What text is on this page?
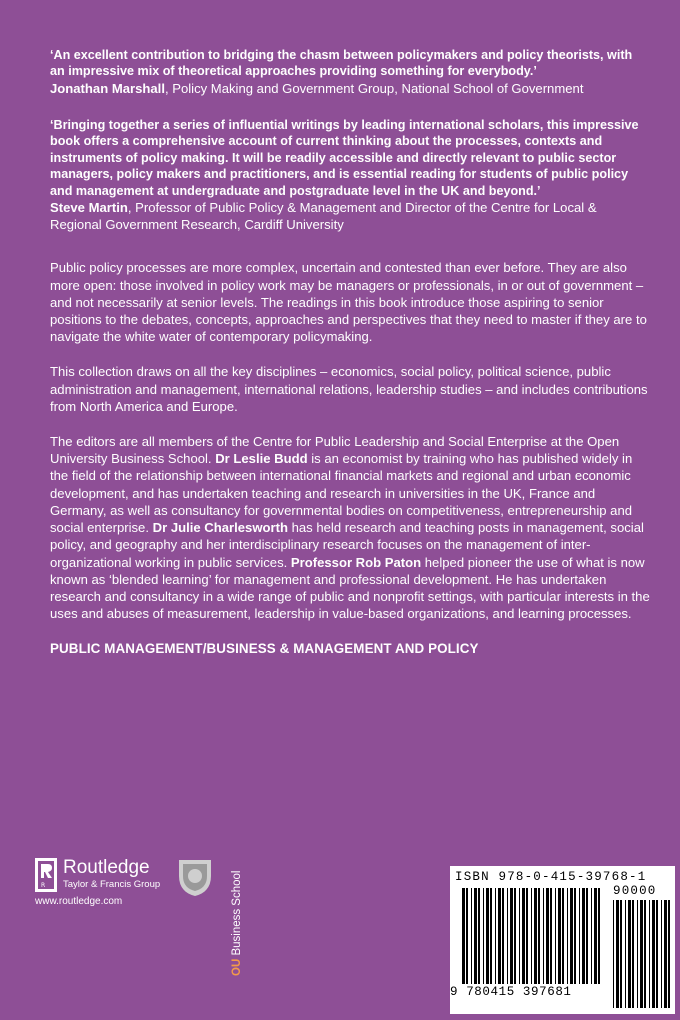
‘An excellent contribution to bridging the chasm between policymakers and policy theorists, with an impressive mix of theoretical approaches providing something for everybody.’

Jonathan Marshall, Policy Making and Government Group, National School of Government

‘Bringing together a series of influential writings by leading international scholars, this impressive book offers a comprehensive account of current thinking about the processes, contexts and instruments of policy making. It will be readily accessible and directly relevant to public sector managers, policy makers and practitioners, and is essential reading for students of public policy and management at undergraduate and postgraduate level in the UK and beyond.’

Steve Martin, Professor of Public Policy & Management and Director of the Centre for Local & Regional Government Research, Cardiff University

Public policy processes are more complex, uncertain and contested than ever before. They are also more open: those involved in policy work may be managers or professionals, in or out of government – and not necessarily at senior levels. The readings in this book introduce those aspiring to senior positions to the debates, concepts, approaches and perspectives that they need to master if they are to navigate the white water of contemporary policymaking.

This collection draws on all the key disciplines – economics, social policy, political science, public administration and management, international relations, leadership studies – and includes contributions from North America and Europe.

The editors are all members of the Centre for Public Leadership and Social Enterprise at the Open University Business School. Dr Leslie Budd is an economist by training who has published widely in the field of the relationship between international financial markets and regional and urban economic development, and has undertaken teaching and research in universities in the UK, France and Germany, as well as consultancy for governmental bodies on competitiveness, entrepreneurship and social enterprise. Dr Julie Charlesworth has held research and teaching posts in management, social policy, and geography and her interdisciplinary research focuses on the management of inter-organizational working in public services. Professor Rob Paton helped pioneer the use of what is now known as ‘blended learning’ for management and professional development. He has undertaken research and consultancy in a wide range of public and nonprofit settings, with particular interests in the uses and abuses of measurement, leadership in value-based organizations, and learning processes.

PUBLIC MANAGEMENT/BUSINESS & MANAGEMENT AND POLICY

R
Routledge
Taylor & Francis Group
www.routledge.com
OU Business School	ISBN 978-0-415-39768-1
90000
9 780415 397681
